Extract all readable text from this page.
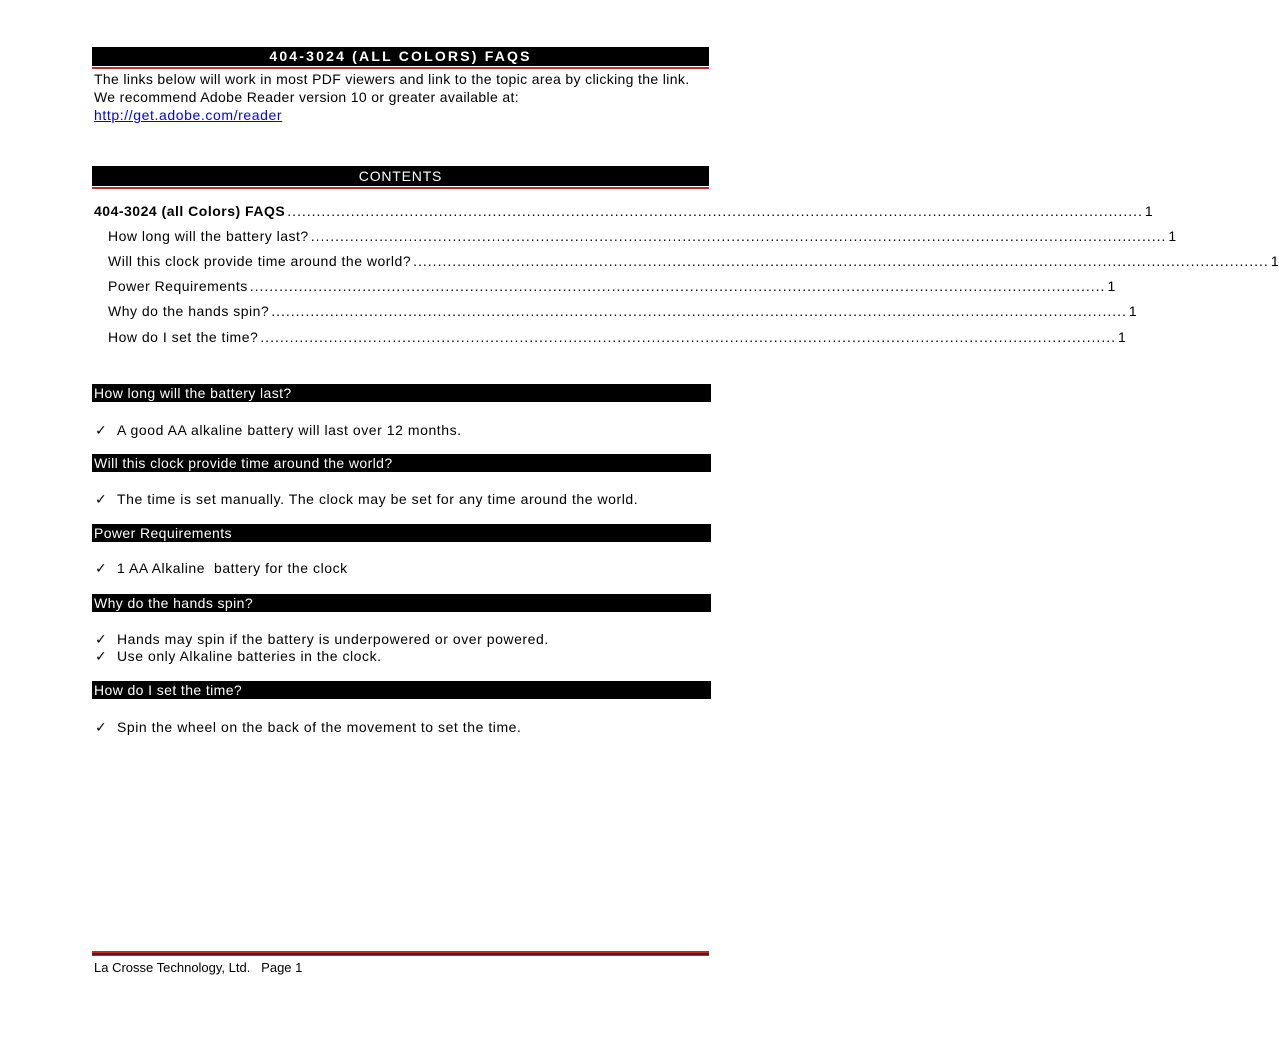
404-3024 (ALL COLORS) FAQS
The links below will work in most PDF viewers and link to the topic area by clicking the link. We recommend Adobe Reader version 10 or greater available at:
http://get.adobe.com/reader
CONTENTS
404-3024 (all Colors) FAQS ............................................................................................................................................................................... 1
How long will the battery last? ............................................................................................................................................................................... 1
Will this clock provide time around the world? ............................................................................................................................................................................... 1
Power Requirements ............................................................................................................................................................................... 1
Why do the hands spin? ............................................................................................................................................................................... 1
How do I set the time? ............................................................................................................................................................................... 1
How long will the battery last?
✓ A good AA alkaline battery will last over 12 months.
Will this clock provide time around the world?
✓ The time is set manually. The clock may be set for any time around the world.
Power Requirements
✓ 1 AA Alkaline  battery for the clock
Why do the hands spin?
✓ Hands may spin if the battery is underpowered or over powered.
✓ Use only Alkaline batteries in the clock.
How do I set the time?
✓ Spin the wheel on the back of the movement to set the time.
La Crosse Technology, Ltd.   Page 1
